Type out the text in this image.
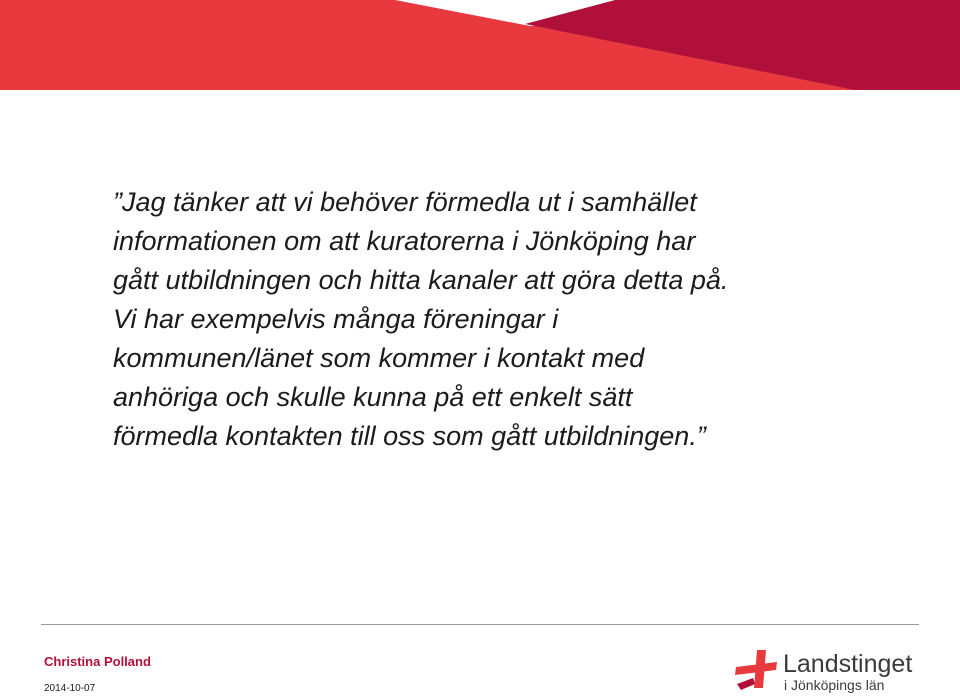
”Jag tänker att vi behöver förmedla ut i samhället
informationen om att kuratorerna i Jönköping har
gått utbildningen och hitta kanaler att göra detta på.
Vi har exempelvis många föreningar i
kommunen/länet som kommer i kontakt med
anhöriga och skulle kunna på ett enkelt sätt
förmedla kontakten till oss som gått utbildningen.”

Christina Polland
2014-10-07
Landstinget
i Jönköpings län
